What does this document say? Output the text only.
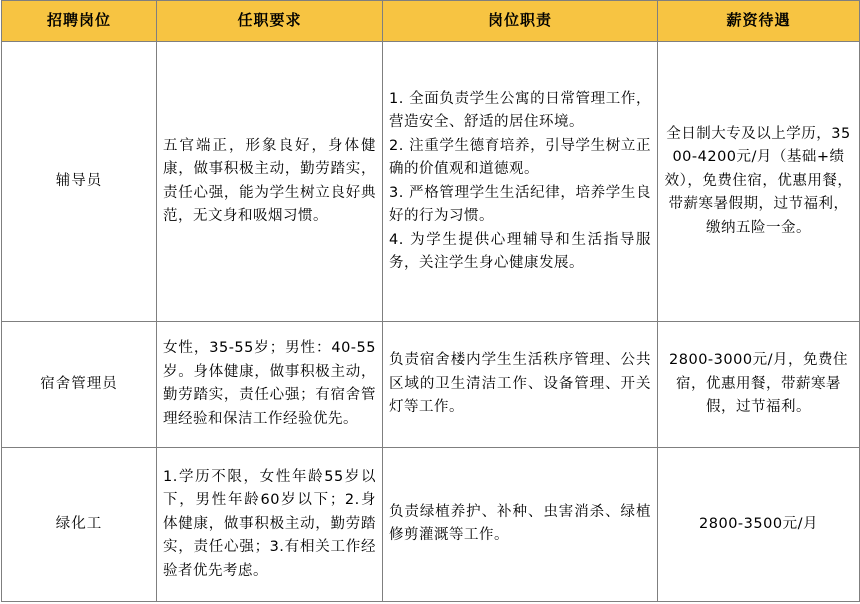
招聘岗位	任职要求	岗位职责	薪资待遇
辅导员	五官端正，形象良好，身体健康，做事积极主动，勤劳踏实，责任心强，能为学生树立良好典范，无文身和吸烟习惯。	1. 全面负责学生公寓的日常管理工作，营造安全、舒适的居住环境。
2. 注重学生德育培养，引导学生树立正确的价值观和道德观。
3. 严格管理学生生活纪律，培养学生良好的行为习惯。
4. 为学生提供心理辅导和生活指导服务，关注学生身心健康发展。	全日制大专及以上学历，3500-4200元/月（基础+绩效），免费住宿，优惠用餐，带薪寒暑假期，过节福利，缴纳五险一金。
宿舍管理员	女性，35-55岁；男性：40-55岁。身体健康，做事积极主动，勤劳踏实，责任心强；有宿舍管理经验和保洁工作经验优先。	负责宿舍楼内学生生活秩序管理、公共区域的卫生清洁工作、设备管理、开关灯等工作。	2800-3000元/月，免费住宿，优惠用餐，带薪寒暑假，过节福利。
绿化工	1.学历不限，女性年龄55岁以下，男性年龄60岁以下；2.身体健康，做事积极主动，勤劳踏实，责任心强；3.有相关工作经验者优先考虑。	负责绿植养护、补种、虫害消杀、绿植修剪灌溉等工作。	2800-3500元/月
